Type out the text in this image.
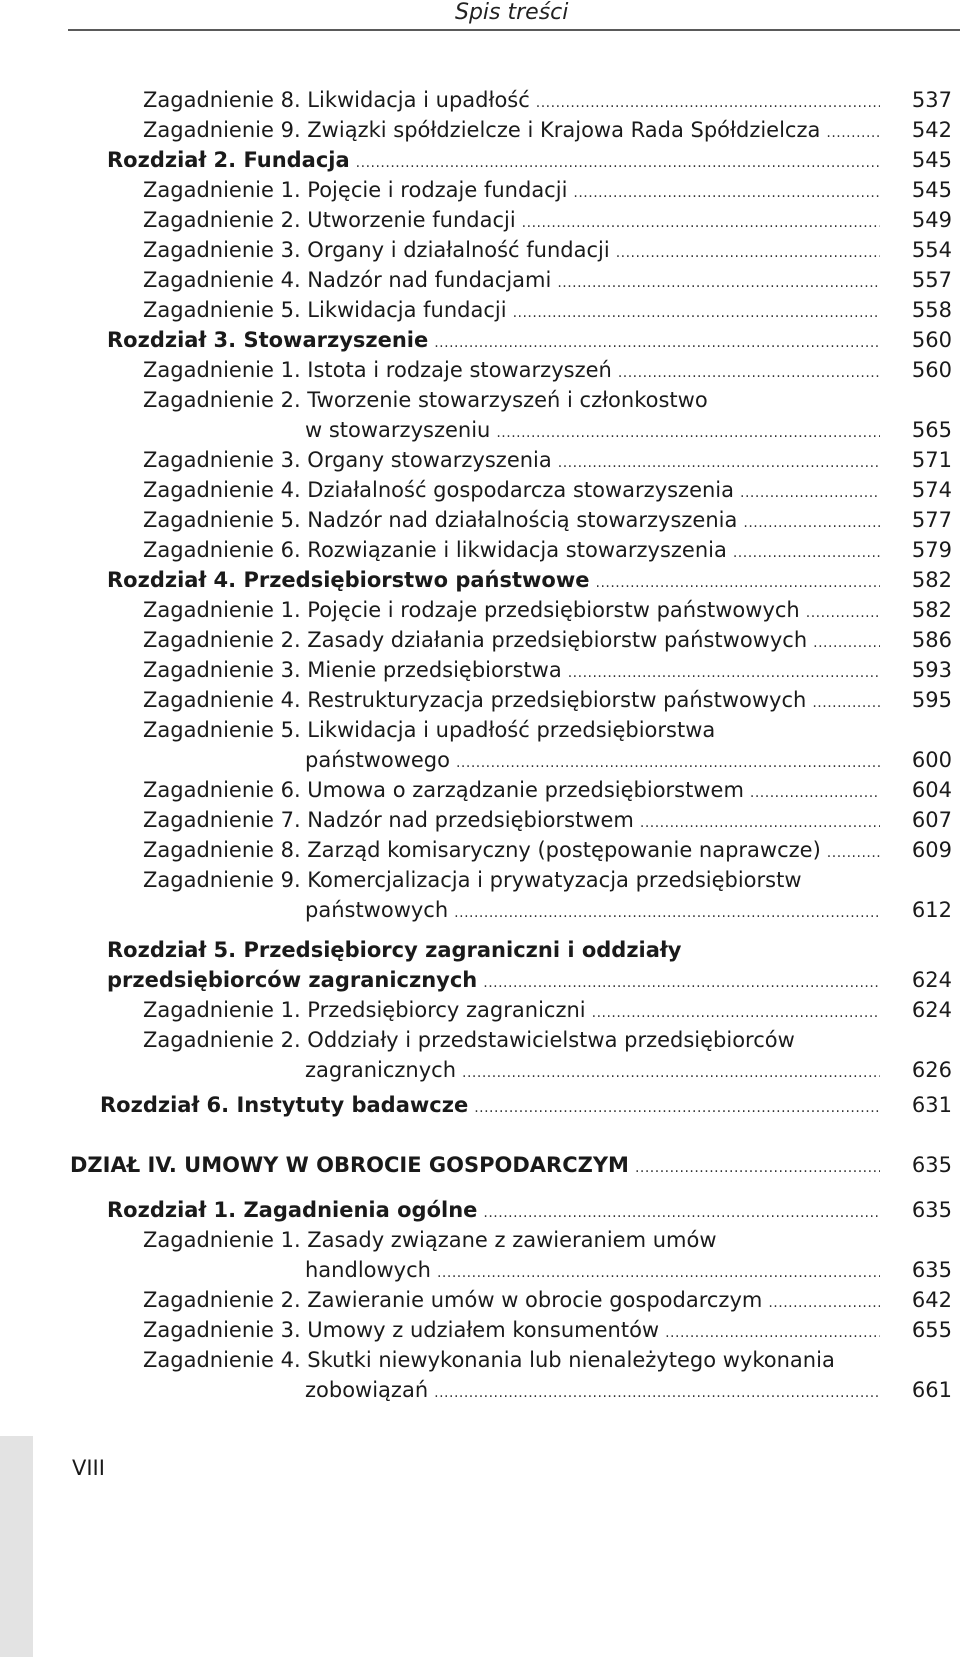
Spis treści
Zagadnienie 8. Likwidacja i upadłość .....	537
Zagadnienie 9. Związki spółdzielcze i Krajowa Rada Spółdzielcza .....	542
Rozdział 2. Fundacja .....	545
Zagadnienie 1. Pojęcie i rodzaje fundacji .....	545
Zagadnienie 2. Utworzenie fundacji .....	549
Zagadnienie 3. Organy i działalność fundacji .....	554
Zagadnienie 4. Nadzór nad fundacjami .....	557
Zagadnienie 5. Likwidacja fundacji .....	558
Rozdział 3. Stowarzyszenie .....	560
Zagadnienie 1. Istota i rodzaje stowarzyszeń .....	560
Zagadnienie 2. Tworzenie stowarzyszeń i członkostwo
w stowarzyszeniu .....	565
Zagadnienie 3. Organy stowarzyszenia .....	571
Zagadnienie 4. Działalność gospodarcza stowarzyszenia .....	574
Zagadnienie 5. Nadzór nad działalnością stowarzyszenia .....	577
Zagadnienie 6. Rozwiązanie i likwidacja stowarzyszenia .....	579
Rozdział 4. Przedsiębiorstwo państwowe .....	582
Zagadnienie 1. Pojęcie i rodzaje przedsiębiorstw państwowych .....	582
Zagadnienie 2. Zasady działania przedsiębiorstw państwowych .....	586
Zagadnienie 3. Mienie przedsiębiorstwa .....	593
Zagadnienie 4. Restrukturyzacja przedsiębiorstw państwowych .....	595
Zagadnienie 5. Likwidacja i upadłość przedsiębiorstwa
państwowego .....	600
Zagadnienie 6. Umowa o zarządzanie przedsiębiorstwem .....	604
Zagadnienie 7. Nadzór nad przedsiębiorstwem .....	607
Zagadnienie 8. Zarząd komisaryczny (postępowanie naprawcze) .....	609
Zagadnienie 9. Komercjalizacja i prywatyzacja przedsiębiorstw
państwowych .....	612
Rozdział 5. Przedsiębiorcy zagraniczni i oddziały
przedsiębiorców zagranicznych .....	624
Zagadnienie 1. Przedsiębiorcy zagraniczni .....	624
Zagadnienie 2. Oddziały i przedstawicielstwa przedsiębiorców
zagranicznych .....	626
Rozdział 6. Instytuty badawcze .....	631
DZIAŁ IV. UMOWY W OBROCIE GOSPODARCZYM .....	635
Rozdział 1. Zagadnienia ogólne .....	635
Zagadnienie 1. Zasady związane z zawieraniem umów
handlowych .....	635
Zagadnienie 2. Zawieranie umów w obrocie gospodarczym .....	642
Zagadnienie 3. Umowy z udziałem konsumentów .....	655
Zagadnienie 4. Skutki niewykonania lub nienależytego wykonania
zobowiązań .....	661
VIII
